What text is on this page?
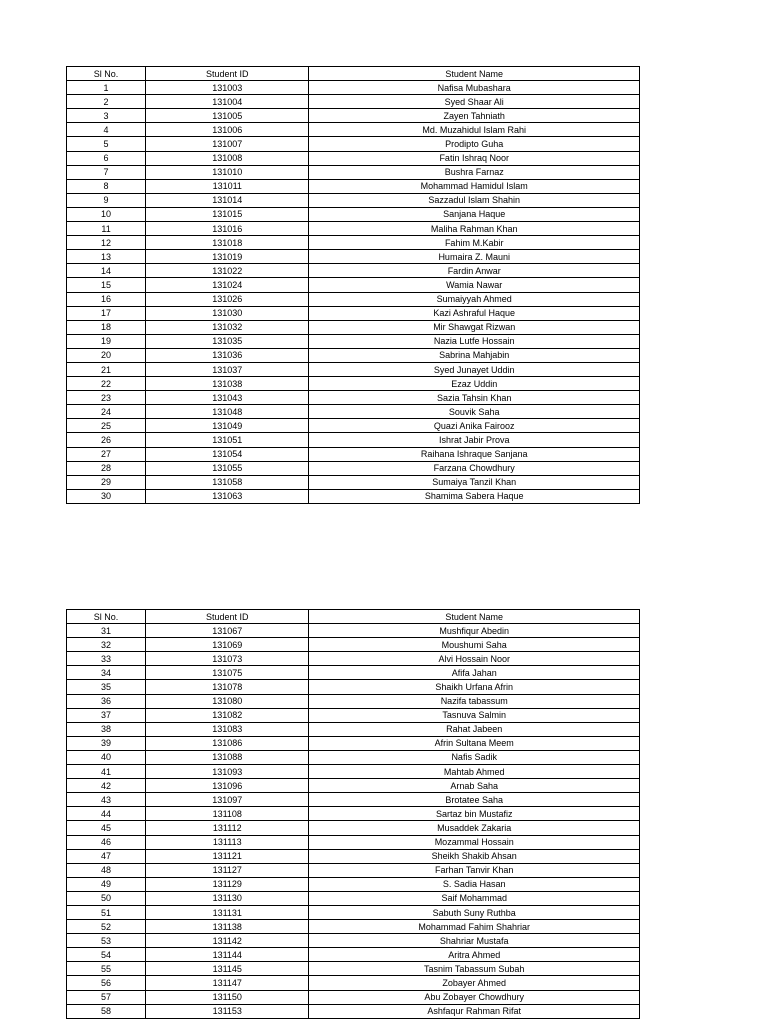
Sl No.	Student ID	Student Name
1	131003	Nafisa Mubashara
2	131004	Syed Shaar Ali
3	131005	Zayen Tahniath
4	131006	Md. Muzahidul Islam Rahi
5	131007	Prodipto Guha
6	131008	Fatin Ishraq Noor
7	131010	Bushra Farnaz
8	131011	Mohammad Hamidul Islam
9	131014	Sazzadul Islam Shahin
10	131015	Sanjana Haque
11	131016	Maliha Rahman Khan
12	131018	Fahim M.Kabir
13	131019	Humaira Z. Mauni
14	131022	Fardin Anwar
15	131024	Wamia Nawar
16	131026	Sumaiyyah Ahmed
17	131030	Kazi Ashraful Haque
18	131032	Mir Shawgat Rizwan
19	131035	Nazia Lutfe Hossain
20	131036	Sabrina Mahjabin
21	131037	Syed Junayet Uddin
22	131038	Ezaz Uddin
23	131043	Sazia Tahsin Khan
24	131048	Souvik Saha
25	131049	Quazi Anika Fairooz
26	131051	Ishrat Jabir Prova
27	131054	Raihana Ishraque Sanjana
28	131055	Farzana Chowdhury
29	131058	Sumaiya Tanzil Khan
30	131063	Shamima Sabera Haque
Sl No.	Student ID	Student Name
31	131067	Mushfiqur Abedin
32	131069	Moushumi Saha
33	131073	Alvi Hossain Noor
34	131075	Afifa Jahan
35	131078	Shaikh Urfana Afrin
36	131080	Nazifa tabassum
37	131082	Tasnuva Salmin
38	131083	Rahat Jabeen
39	131086	Afrin Sultana Meem
40	131088	Nafis Sadik
41	131093	Mahtab Ahmed
42	131096	Arnab Saha
43	131097	Brotatee Saha
44	131108	Sartaz bin Mustafiz
45	131112	Musaddek Zakaria
46	131113	Mozammal Hossain
47	131121	Sheikh Shakib Ahsan
48	131127	Farhan Tanvir Khan
49	131129	S. Sadia Hasan
50	131130	Saif Mohammad
51	131131	Sabuth Suny Ruthba
52	131138	Mohammad Fahim Shahriar
53	131142	Shahriar Mustafa
54	131144	Aritra Ahmed
55	131145	Tasnim Tabassum Subah
56	131147	Zobayer Ahmed
57	131150	Abu Zobayer Chowdhury
58	131153	Ashfaqur Rahman Rifat
